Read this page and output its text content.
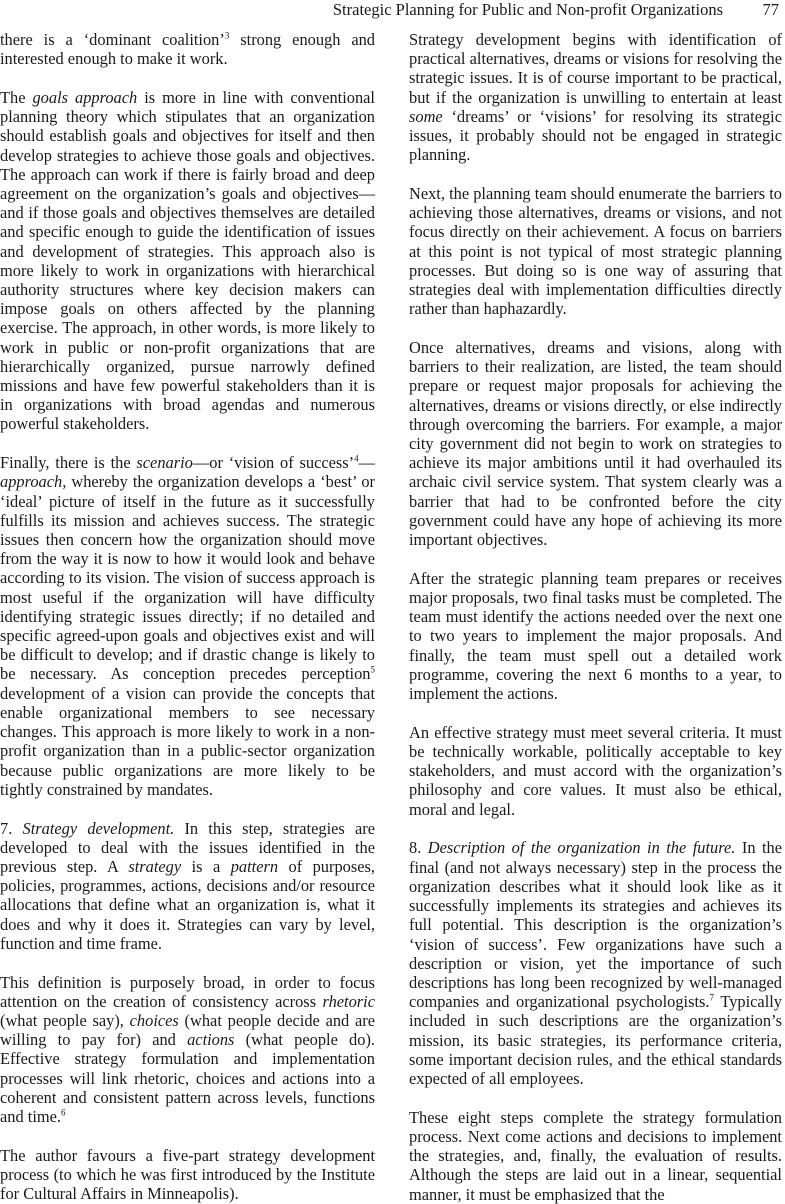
Strategic Planning for Public and Non-profit Organizations 77

there is a ‘dominant coalition’$^3$ strong enough and interested enough to make it work.

The goals approach is more in line with conventional planning theory which stipulates that an organization should establish goals and objectives for itself and then develop strategies to achieve those goals and objectives. The approach can work if there is fairly broad and deep agreement on the organization’s goals and objectives—and if those goals and objectives themselves are detailed and specific enough to guide the identification of issues and development of strategies. This approach also is more likely to work in organizations with hierarchical authority structures where key decision makers can impose goals on others affected by the planning exercise. The approach, in other words, is more likely to work in public or non-profit organizations that are hierarchically organized, pursue narrowly defined missions and have few powerful stakeholders than it is in organizations with broad agendas and numerous powerful stakeholders.

Finally, there is the scenario—or ‘vision of success’$^4$—approach, whereby the organization develops a ‘best’ or ‘ideal’ picture of itself in the future as it successfully fulfills its mission and achieves success. The strategic issues then concern how the organization should move from the way it is now to how it would look and behave according to its vision. The vision of success approach is most useful if the organization will have difficulty identifying strategic issues directly; if no detailed and specific agreed-upon goals and objectives exist and will be difficult to develop; and if drastic change is likely to be necessary. As conception precedes perception$^5$ development of a vision can provide the concepts that enable organizational members to see necessary changes. This approach is more likely to work in a non-profit organization than in a public-sector organization because public organizations are more likely to be tightly constrained by mandates.

7. Strategy development. In this step, strategies are developed to deal with the issues identified in the previous step. A strategy is a pattern of purposes, policies, programmes, actions, decisions and/or resource allocations that define what an organization is, what it does and why it does it. Strategies can vary by level, function and time frame.

This definition is purposely broad, in order to focus attention on the creation of consistency across rhetoric (what people say), choices (what people decide and are willing to pay for) and actions (what people do). Effective strategy formulation and implementation processes will link rhetoric, choices and actions into a coherent and consistent pattern across levels, functions and time.$^6$

The author favours a five-part strategy development process (to which he was first introduced by the Institute for Cultural Affairs in Minneapolis).

Strategy development begins with identification of practical alternatives, dreams or visions for resolving the strategic issues. It is of course important to be practical, but if the organization is unwilling to entertain at least some ‘dreams’ or ‘visions’ for resolving its strategic issues, it probably should not be engaged in strategic planning.

Next, the planning team should enumerate the barriers to achieving those alternatives, dreams or visions, and not focus directly on their achievement. A focus on barriers at this point is not typical of most strategic planning processes. But doing so is one way of assuring that strategies deal with implementation difficulties directly rather than haphazardly.

Once alternatives, dreams and visions, along with barriers to their realization, are listed, the team should prepare or request major proposals for achieving the alternatives, dreams or visions directly, or else indirectly through overcoming the barriers. For example, a major city government did not begin to work on strategies to achieve its major ambitions until it had overhauled its archaic civil service system. That system clearly was a barrier that had to be confronted before the city government could have any hope of achieving its more important objectives.

After the strategic planning team prepares or receives major proposals, two final tasks must be completed. The team must identify the actions needed over the next one to two years to implement the major proposals. And finally, the team must spell out a detailed work programme, covering the next 6 months to a year, to implement the actions.

An effective strategy must meet several criteria. It must be technically workable, politically acceptable to key stakeholders, and must accord with the organization’s philosophy and core values. It must also be ethical, moral and legal.

8. Description of the organization in the future. In the final (and not always necessary) step in the process the organization describes what it should look like as it successfully implements its strategies and achieves its full potential. This description is the organization’s ‘vision of success’. Few organizations have such a description or vision, yet the importance of such descriptions has long been recognized by well-managed companies and organizational psychologists.$^7$ Typically included in such descriptions are the organization’s mission, its basic strategies, its performance criteria, some important decision rules, and the ethical standards expected of all employees.

These eight steps complete the strategy formulation process. Next come actions and decisions to implement the strategies, and, finally, the evaluation of results. Although the steps are laid out in a linear, sequential manner, it must be emphasized that the
